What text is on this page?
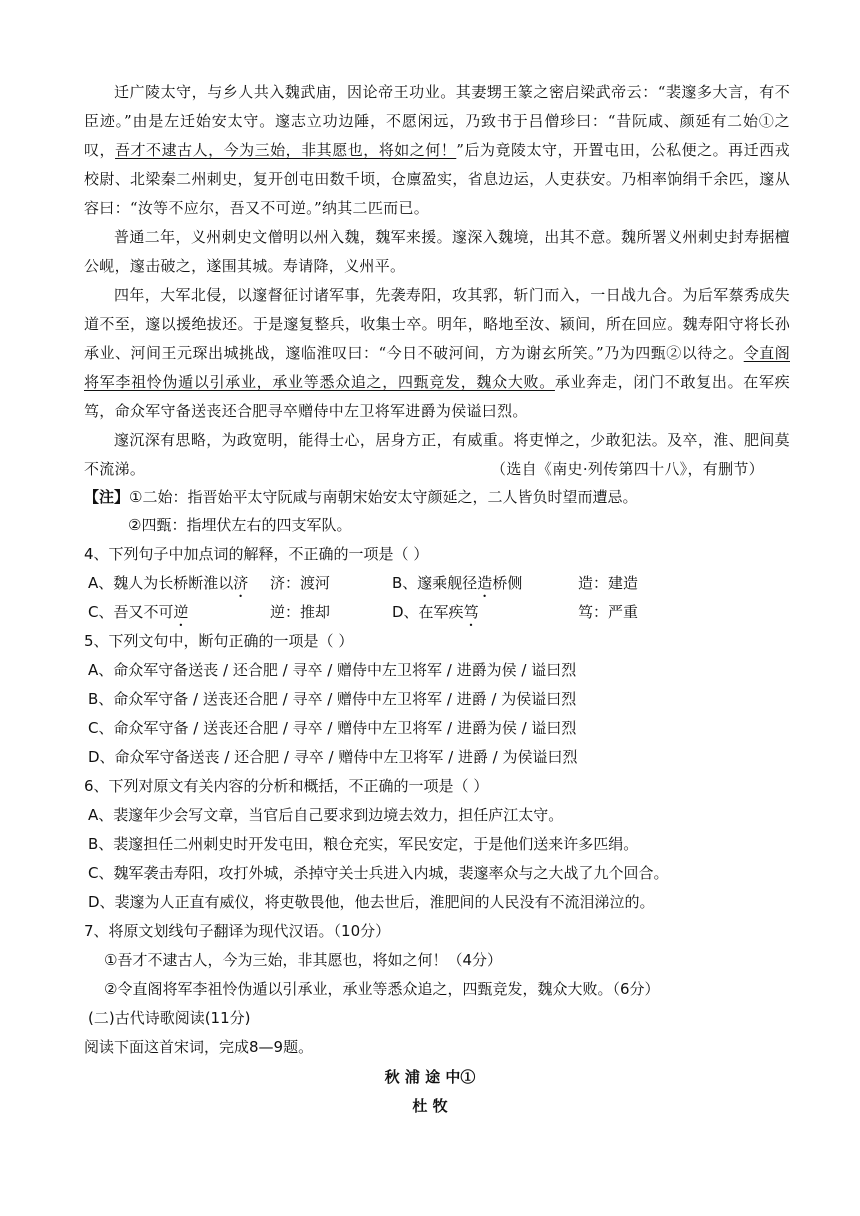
迁广陵太守，与乡人共入魏武庙，因论帝王功业。其妻甥王篆之密启梁武帝云：“裴邃多大言，有不臣迹。”由是左迁始安太守。邃志立功边陲，不愿闲远，乃致书于吕僧珍曰：“昔阮咸、颜延有二始①之叹，吾才不逮古人，今为三始，非其愿也，将如之何！”后为竟陵太守，开置屯田，公私便之。再迁西戎校尉、北梁秦二州刺史，复开创屯田数千顷，仓廪盈实，省息边运，人吏获安。乃相率饷绢千余匹，邃从容曰：“汝等不应尔，吾又不可逆。”纳其二匹而已。
普通二年，义州刺史文僧明以州入魏，魏军来援。邃深入魏境，出其不意。魏所署义州刺史封寿据檀公岘，邃击破之，遂围其城。寿请降，义州平。
四年，大军北侵，以邃督征讨诸军事，先袭寿阳，攻其郛，斩门而入，一日战九合。为后军蔡秀成失道不至，邃以援绝拔还。于是邃复整兵，收集士卒。明年，略地至汝、颍间，所在回应。魏寿阳守将长孙承业、河间王元琛出城挑战，邃临淮叹曰：“今日不破河间，方为谢玄所笑。”乃为四甄②以待之。令直阁将军李祖怜伪遁以引承业，承业等悉众追之，四甄竞发，魏众大败。承业奔走，闭门不敢复出。在军疾笃，命众军守备送丧还合肥寻卒赠侍中左卫将军进爵为侯谥曰烈。
邃沉深有思略，为政宽明，能得士心，居身方正，有威重。将吏惮之，少敢犯法。及卒，淮、肥间莫不流涕。	（选自《南史·列传第四十八》，有删节）
【注】①二始：指晋始平太守阮咸与南朝宋始安太守颜延之，二人皆负时望而遭忌。
②四甄：指埋伏左右的四支军队。
4、下列句子中加点词的解释，不正确的一项是（ ）
A、魏人为长桥断淮以济 济：渡河	B、邃乘舰径造桥侧	造：建造
C、吾又不可逆	逆：推却	D、在军疾笃	笃：严重
5、下列文句中，断句正确的一项是（ ）
A、命众军守备送丧 / 还合肥 / 寻卒 / 赠侍中左卫将军 / 进爵为侯 / 谥曰烈
B、命众军守备 / 送丧还合肥 / 寻卒 / 赠侍中左卫将军 / 进爵 / 为侯谥曰烈
C、命众军守备 / 送丧还合肥 / 寻卒 / 赠侍中左卫将军 / 进爵为侯 / 谥曰烈
D、命众军守备送丧 / 还合肥 / 寻卒 / 赠侍中左卫将军 / 进爵 / 为侯谥曰烈
6、下列对原文有关内容的分析和概括，不正确的一项是（ ）
A、裴邃年少会写文章，当官后自己要求到边境去效力，担任庐江太守。
B、裴邃担任二州刺史时开发屯田，粮仓充实，军民安定，于是他们送来许多匹绢。
C、魏军袭击寿阳，攻打外城，杀掉守关士兵进入内城，裴邃率众与之大战了九个回合。
D、裴邃为人正直有威仪，将吏敬畏他，他去世后，淮肥间的人民没有不流泪涕泣的。
7、将原文划线句子翻译为现代汉语。（10分）
①吾才不逮古人，今为三始，非其愿也，将如之何！（4分）
②令直阁将军李祖怜伪遁以引承业，承业等悉众追之，四甄竞发，魏众大败。（6分）
(二)古代诗歌阅读(11分)
阅读下面这首宋词，完成8—9题。
秋 浦 途 中①
杜 牧
